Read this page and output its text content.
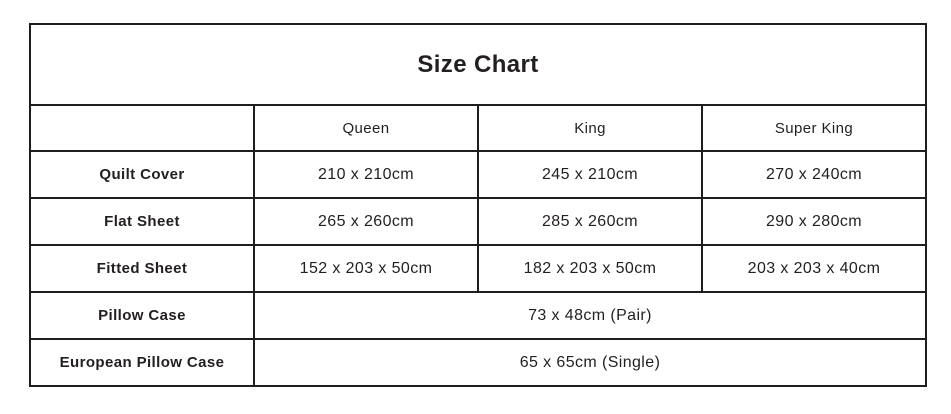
Size Chart			
	Queen	King	Super King
Quilt Cover	210 x 210cm	245 x 210cm	270 x 240cm
Flat Sheet	265 x 260cm	285 x 260cm	290 x 280cm
Fitted Sheet	152 x 203 x 50cm	182 x 203 x 50cm	203 x 203 x 40cm
Pillow Case	73 x 48cm (Pair)		
European Pillow Case	65 x 65cm (Single)		
